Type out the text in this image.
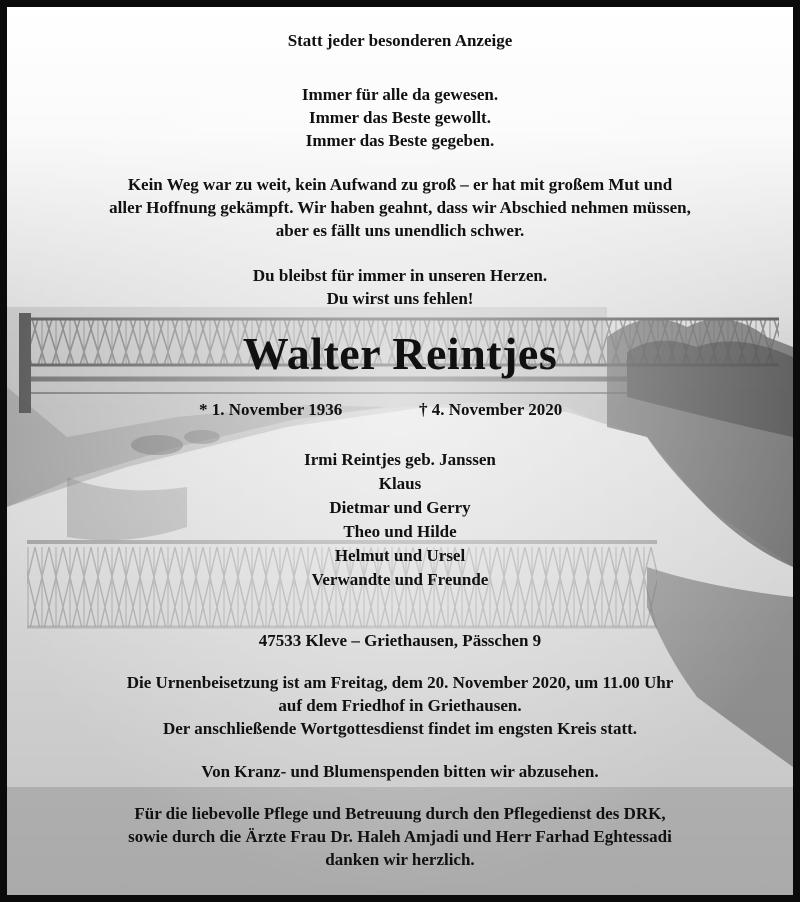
Statt jeder besonderen Anzeige
Immer für alle da gewesen.
Immer das Beste gewollt.
Immer das Beste gegeben.
Kein Weg war zu weit, kein Aufwand zu groß – er hat mit großem Mut und
aller Hoffnung gekämpft. Wir haben geahnt, dass wir Abschied nehmen müssen,
aber es fällt uns unendlich schwer.
Du bleibst für immer in unseren Herzen.
Du wirst uns fehlen!
Walter Reintjes
* 1. November 1936	† 4. November 2020
Irmi Reintjes geb. Janssen
Klaus
Dietmar und Gerry
Theo und Hilde
Helmut und Ursel
Verwandte und Freunde
47533 Kleve – Griethausen, Pässchen 9
Die Urnenbeisetzung ist am Freitag, dem 20. November 2020, um 11.00 Uhr
auf dem Friedhof in Griethausen.
Der anschließende Wortgottesdienst findet im engsten Kreis statt.
Von Kranz- und Blumenspenden bitten wir abzusehen.
Für die liebevolle Pflege und Betreuung durch den Pflegedienst des DRK,
sowie durch die Ärzte Frau Dr. Haleh Amjadi und Herr Farhad Eghtessadi
danken wir herzlich.
